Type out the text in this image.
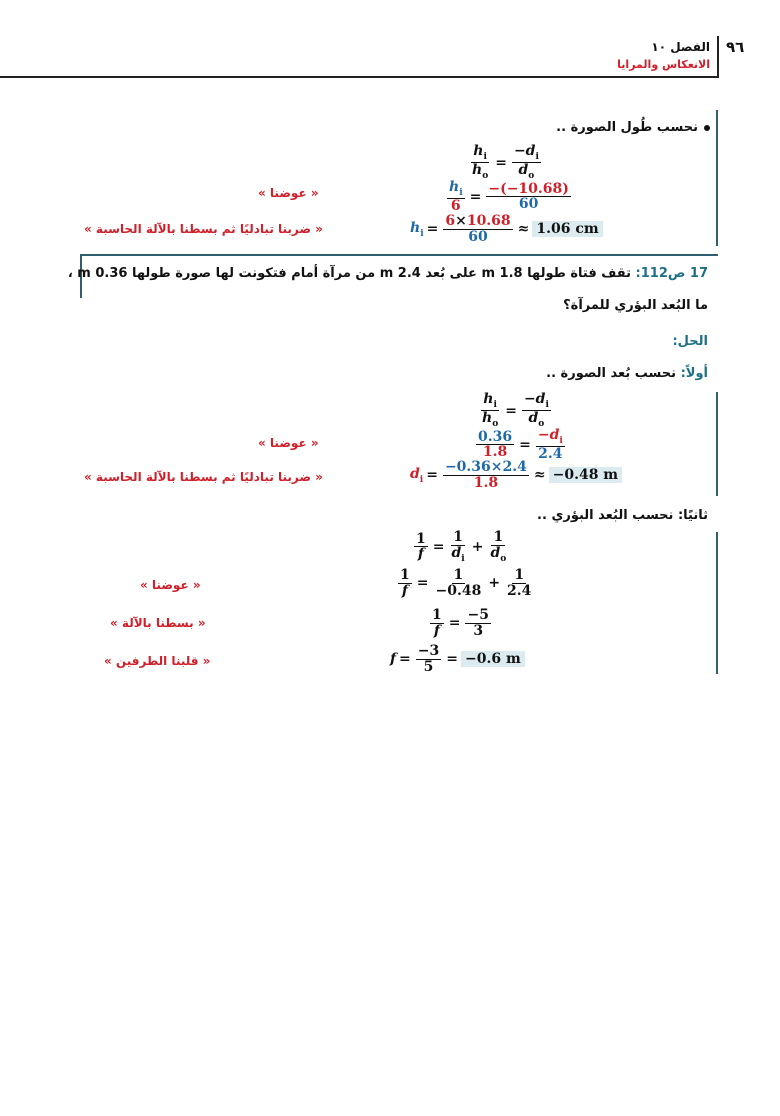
٩٦
الفصل ١٠
الانعكاس والمرايا
نحسب طُول الصورة ..
$\frac{h_i}{h_o} = \frac{-d_i}{d_o}$
$\frac{h_i}{6} = \frac{-(-10.68)}{60}$
« عوضنا »
$h_i = \frac{6\times 10.68}{60} \approx 1.06$ cm
« ضربنا تبادليًا ثم بسطنا بالآلة الحاسبة »
17 ص112: تقف فتاة طولها 1.8 m على بُعد 2.4 m من مرآة أمام فتكونت لها صورة طولها 0.36 m ،
ما البُعد البؤري للمرآة؟
الحل:
أولاً: نحسب بُعد الصورة ..
$\frac{h_i}{h_o} = \frac{-d_i}{d_o}$
$\frac{0.36}{1.8} = \frac{-d_i}{2.4}$
« عوضنا »
$d_i = \frac{-0.36\times 2.4}{1.8} \approx -0.48$ m
« ضربنا تبادليًا ثم بسطنا بالآلة الحاسبة »
ثانيًا: نحسب البُعد البؤري ..
$\frac{1}{f} = \frac{1}{d_i} + \frac{1}{d_o}$
$\frac{1}{f} = \frac{1}{-0.48} + \frac{1}{2.4}$
« عوضنا »
$\frac{1}{f} = \frac{-5}{3}$
« بسطنا بالآلة »
$f = \frac{-3}{5} = -0.6$ m
« قلبنا الطرفين »
